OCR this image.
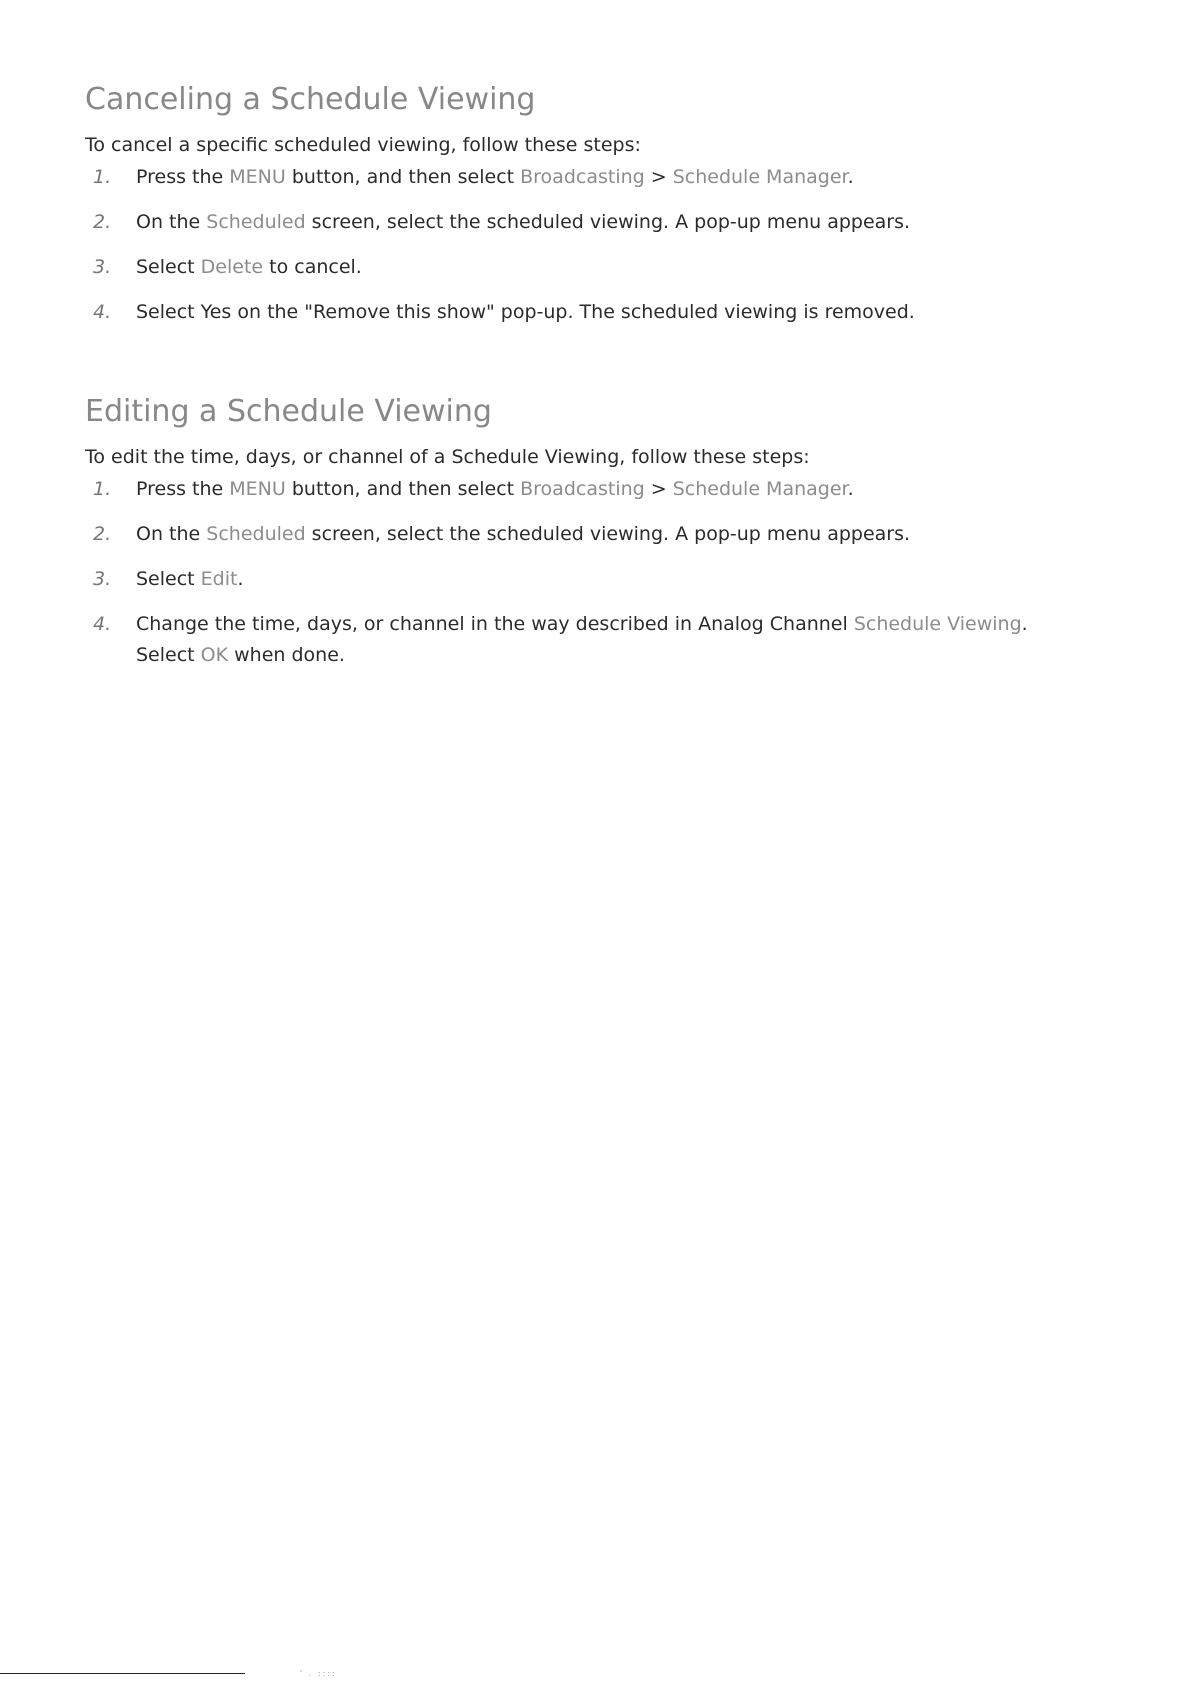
Canceling a Schedule Viewing

To cancel a specific scheduled viewing, follow these steps:

1. Press the MENU button, and then select Broadcasting > Schedule Manager.
2. On the Scheduled screen, select the scheduled viewing. A pop-up menu appears.
3. Select Delete to cancel.
4. Select Yes on the "Remove this show" pop-up. The scheduled viewing is removed.
Editing a Schedule Viewing

To edit the time, days, or channel of a Schedule Viewing, follow these steps:

1. Press the MENU button, and then select Broadcasting > Schedule Manager.
2. On the Scheduled screen, select the scheduled viewing. A pop-up menu appears.
3. Select Edit.
4. Change the time, days, or channel in the way described in Analog Channel Schedule Viewing.
Select OK when done.
' . ::::
